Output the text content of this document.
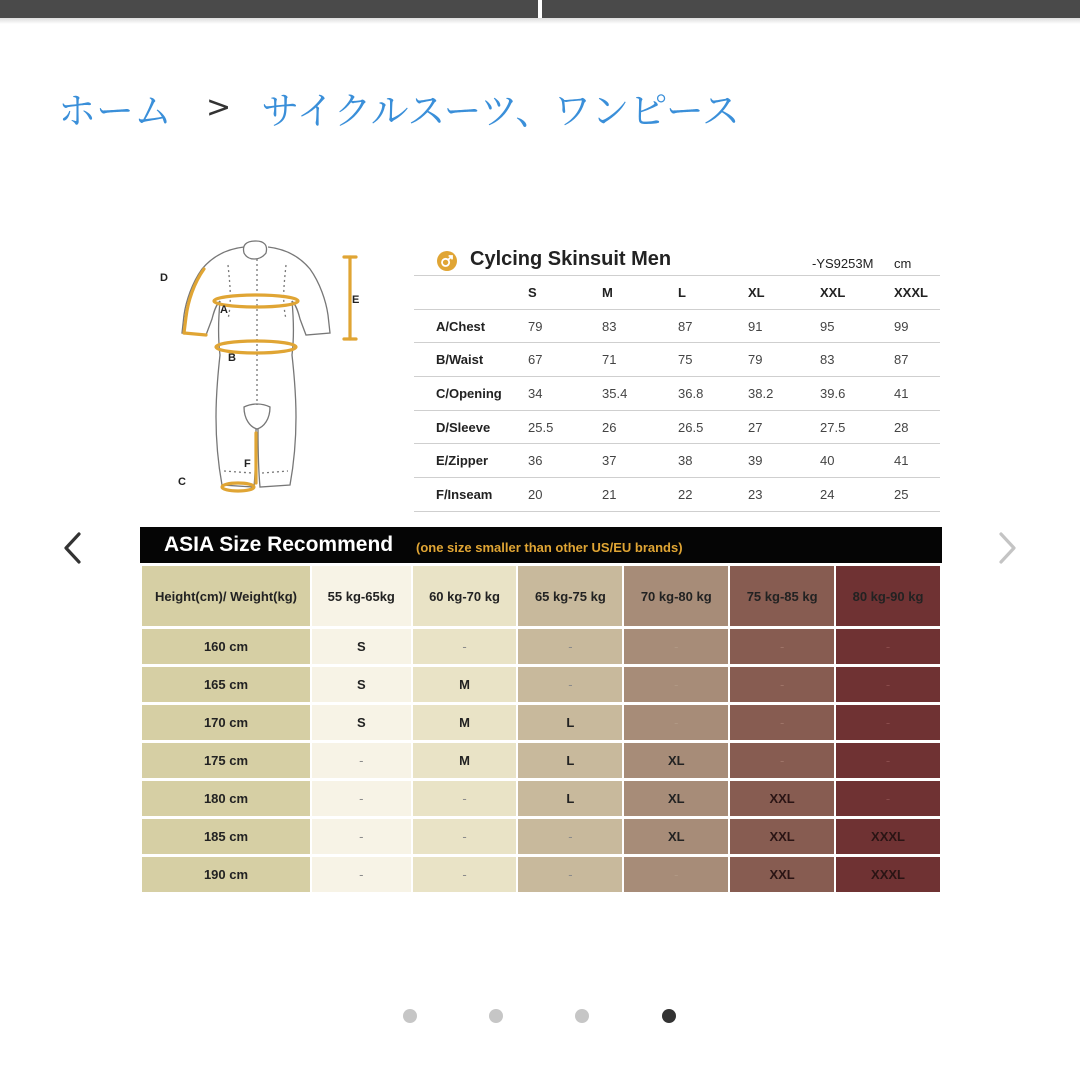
ホーム > サイクルスーツ、ワンピース
A
B
C
D
E
F
Cylcing Skinsuit Men	-YS9253M cm
	S	M	L	XL	XXL	XXXL
A/Chest	79	83	87	91	95	99
B/Waist	67	71	75	79	83	87
C/Opening	34	35.4	36.8	38.2	39.6	41
D/Sleeve	25.5	26	26.5	27	27.5	28
E/Zipper	36	37	38	39	40	41
F/Inseam	20	21	22	23	24	25
ASIA Size Recommend (one size smaller than other US/EU brands)
Height(cm)/ Weight(kg)	55 kg-65kg	60 kg-70 kg	65 kg-75 kg	70 kg-80 kg	75 kg-85 kg	80 kg-90 kg
160 cm	S	-	-	-	-	-
165 cm	S	M	-	-	-	-
170 cm	S	M	L	-	-	-
175 cm	-	M	L	XL	-	-
180 cm	-	-	L	XL	XXL	-
185 cm	-	-	-	XL	XXL	XXXL
190 cm	-	-	-	-	XXL	XXXL
